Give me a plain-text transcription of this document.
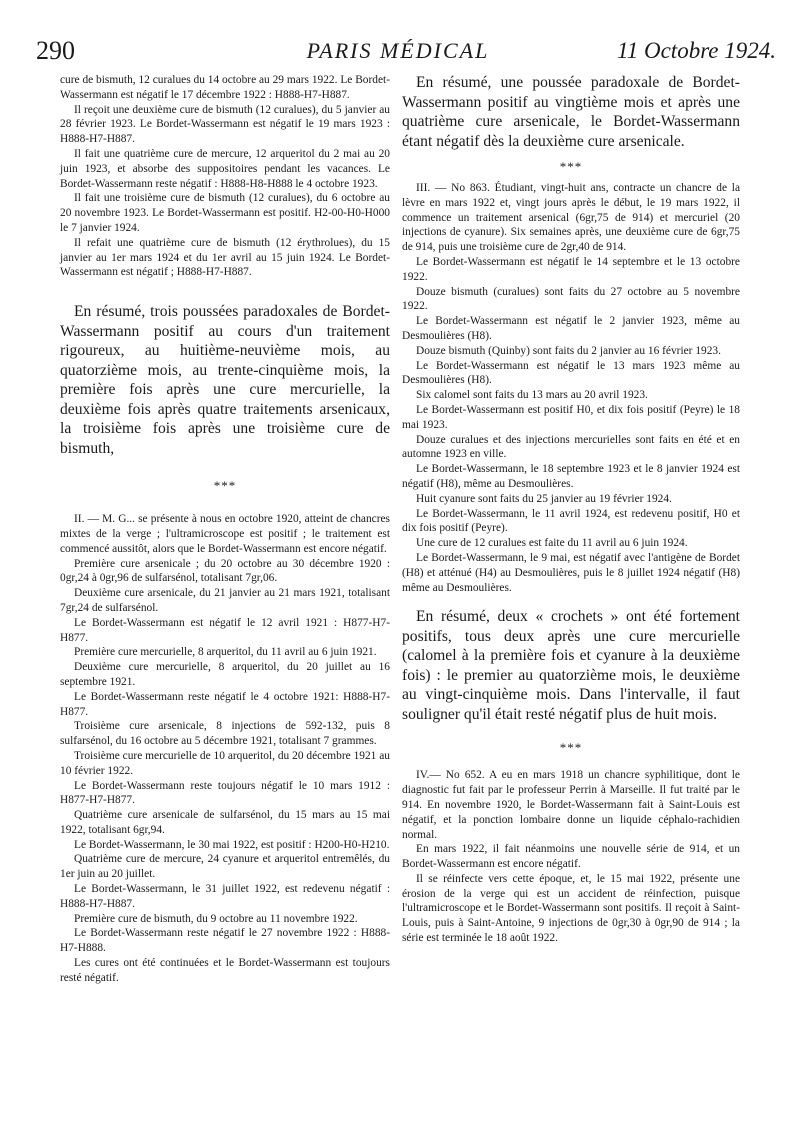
290	PARIS MÉDICAL	11 Octobre 1924.

cure de bismuth, 12 curalues du 14 octobre au 29 mars 1922. Le Bordet-Wassermann est négatif le 17 décembre 1922 : H888-H7-H887.

Il reçoit une deuxième cure de bismuth (12 curalues), du 5 janvier au 28 février 1923. Le Bordet-Wassermann est négatif le 19 mars 1923 : H888-H7-H887.

Il fait une quatrième cure de mercure, 12 arqueritol du 2 mai au 20 juin 1923, et absorbe des suppositoires pendant les vacances. Le Bordet-Wassermann reste négatif : H888-H8-H888 le 4 octobre 1923.

Il fait une troisième cure de bismuth (12 curalues), du 6 octobre au 20 novembre 1923. Le Bordet-Wassermann est positif. H2-00-H0-H000 le 7 janvier 1924.

Il refait une quatrième cure de bismuth (12 érythrolues), du 15 janvier au 1er mars 1924 et du 1er avril au 15 juin 1924. Le Bordet-Wassermann est négatif ; H888-H7-H887.

En résumé, trois poussées paradoxales de Bordet-Wassermann positif au cours d'un traitement rigoureux, au huitième-neuvième mois, au quatorzième mois, au trente-cinquième mois, la première fois après une cure mercurielle, la deuxième fois après quatre traitements arsenicaux, la troisième fois après une troisième cure de bismuth,

***

II. — M. G... se présente à nous en octobre 1920, atteint de chancres mixtes de la verge ; l'ultramicroscope est positif ; le traitement est commencé aussitôt, alors que le Bordet-Wassermann est encore négatif.

Première cure arsenicale ; du 20 octobre au 30 décembre 1920 : 0gr,24 à 0gr,96 de sulfarsénol, totalisant 7gr,06.

Deuxième cure arsenicale, du 21 janvier au 21 mars 1921, totalisant 7gr,24 de sulfarsénol.

Le Bordet-Wassermann est négatif le 12 avril 1921 : H877-H7-H877.

Première cure mercurielle, 8 arqueritol, du 11 avril au 6 juin 1921.

Deuxième cure mercurielle, 8 arqueritol, du 20 juillet au 16 septembre 1921.

Le Bordet-Wassermann reste négatif le 4 octobre 1921: H888-H7-H877.

Troisième cure arsenicale, 8 injections de 592-132, puis 8 sulfarsénol, du 16 octobre au 5 décembre 1921, totalisant 7 grammes.

Troisième cure mercurielle de 10 arqueritol, du 20 décembre 1921 au 10 février 1922.

Le Bordet-Wassermann reste toujours négatif le 10 mars 1912 : H877-H7-H877.

Quatrième cure arsenicale de sulfarsénol, du 15 mars au 15 mai 1922, totalisant 6gr,94.

Le Bordet-Wassermann, le 30 mai 1922, est positif : H200-H0-H210.

Quatrième cure de mercure, 24 cyanure et arqueritol entremêlés, du 1er juin au 20 juillet.

Le Bordet-Wassermann, le 31 juillet 1922, est redevenu négatif : H888-H7-H887.

Première cure de bismuth, du 9 octobre au 11 novembre 1922.

Le Bordet-Wassermann reste négatif le 27 novembre 1922 : H888-H7-H888.

Les cures ont été continuées et le Bordet-Wassermann est toujours resté négatif.

En résumé, une poussée paradoxale de Bordet-Wassermann positif au vingtième mois et après une quatrième cure arsenicale, le Bordet-Wassermann étant négatif dès la deuxième cure arsenicale.

***

III. — No 863. Étudiant, vingt-huit ans, contracte un chancre de la lèvre en mars 1922 et, vingt jours après le début, le 19 mars 1922, il commence un traitement arsenical (6gr,75 de 914) et mercuriel (20 injections de cyanure). Six semaines après, une deuxième cure de 6gr,75 de 914, puis une troisième cure de 2gr,40 de 914.

Le Bordet-Wassermann est négatif le 14 septembre et le 13 octobre 1922.

Douze bismuth (curalues) sont faits du 27 octobre au 5 novembre 1922.

Le Bordet-Wassermann est négatif le 2 janvier 1923, même au Desmoulières (H8).

Douze bismuth (Quinby) sont faits du 2 janvier au 16 février 1923.

Le Bordet-Wassermann est négatif le 13 mars 1923 même au Desmoulières (H8).

Six calomel sont faits du 13 mars au 20 avril 1923.

Le Bordet-Wassermann est positif H0, et dix fois positif (Peyre) le 18 mai 1923.

Douze curalues et des injections mercurielles sont faits en été et en automne 1923 en ville.

Le Bordet-Wassermann, le 18 septembre 1923 et le 8 janvier 1924 est négatif (H8), même au Desmoulières.

Huit cyanure sont faits du 25 janvier au 19 février 1924.

Le Bordet-Wassermann, le 11 avril 1924, est redevenu positif, H0 et dix fois positif (Peyre).

Une cure de 12 curalues est faite du 11 avril au 6 juin 1924.

Le Bordet-Wassermann, le 9 mai, est négatif avec l'antigène de Bordet (H8) et atténué (H4) au Desmoulières, puis le 8 juillet 1924 négatif (H8) même au Desmoulières.

En résumé, deux « crochets » ont été fortement positifs, tous deux après une cure mercurielle (calomel à la première fois et cyanure à la deuxième fois) : le premier au quatorzième mois, le deuxième au vingt-cinquième mois. Dans l'intervalle, il faut souligner qu'il était resté négatif plus de huit mois.

***

IV.— No 652. A eu en mars 1918 un chancre syphilitique, dont le diagnostic fut fait par le professeur Perrin à Marseille. Il fut traité par le 914. En novembre 1920, le Bordet-Wassermann fait à Saint-Louis est négatif, et la ponction lombaire donne un liquide céphalo-rachidien normal.

En mars 1922, il fait néanmoins une nouvelle série de 914, et un Bordet-Wassermann est encore négatif.

Il se réinfecte vers cette époque, et, le 15 mai 1922, présente une érosion de la verge qui est un accident de réinfection, puisque l'ultramicroscope et le Bordet-Wassermann sont positifs. Il reçoit à Saint-Louis, puis à Saint-Antoine, 9 injections de 0gr,30 à 0gr,90 de 914 ; la série est terminée le 18 août 1922.
